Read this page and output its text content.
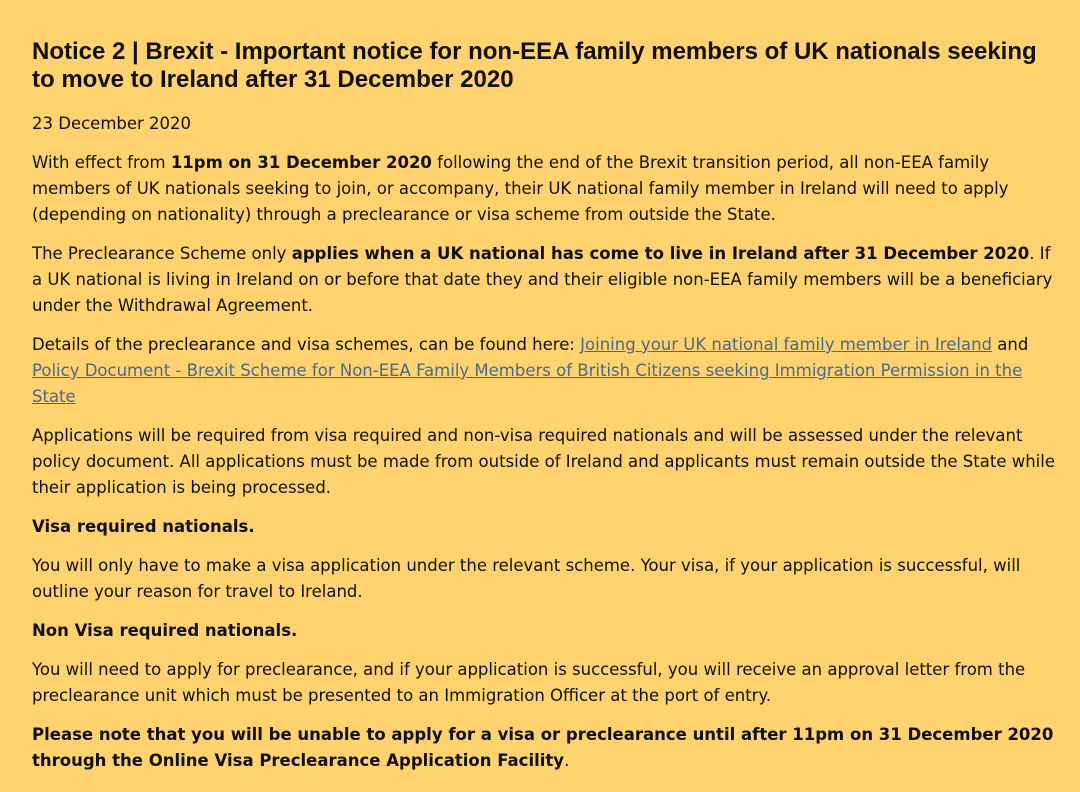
Notice 2 | Brexit - Important notice for non-EEA family members of UK nationals seeking to move to Ireland after 31 December 2020
23 December 2020

With effect from 11pm on 31 December 2020 following the end of the Brexit transition period, all non-EEA family members of UK nationals seeking to join, or accompany, their UK national family member in Ireland will need to apply (depending on nationality) through a preclearance or visa scheme from outside the State.

The Preclearance Scheme only applies when a UK national has come to live in Ireland after 31 December 2020. If a UK national is living in Ireland on or before that date they and their eligible non-EEA family members will be a beneficiary under the Withdrawal Agreement.

Details of the preclearance and visa schemes, can be found here: Joining your UK national family member in Ireland and Policy Document - Brexit Scheme for Non-EEA Family Members of British Citizens seeking Immigration Permission in the State

Applications will be required from visa required and non-visa required nationals and will be assessed under the relevant policy document. All applications must be made from outside of Ireland and applicants must remain outside the State while their application is being processed.

Visa required nationals.

You will only have to make a visa application under the relevant scheme. Your visa, if your application is successful, will outline your reason for travel to Ireland.

Non Visa required nationals.

You will need to apply for preclearance, and if your application is successful, you will receive an approval letter from the preclearance unit which must be presented to an Immigration Officer at the port of entry.

Please note that you will be unable to apply for a visa or preclearance until after 11pm on 31 December 2020 through the Online Visa Preclearance Application Facility.
